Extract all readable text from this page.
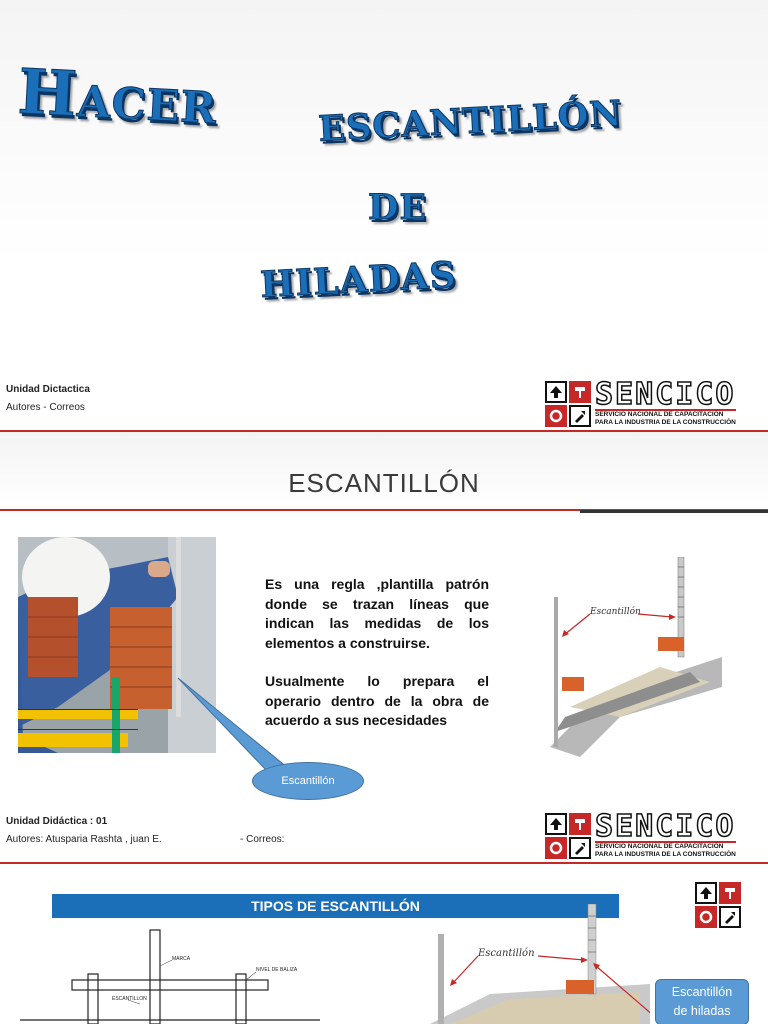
Hacer escantillón
de
hiladas
Unidad Dictactica
Autores - Correos	SENCICO
SERVICIO NACIONAL DE CAPACITACIÓN
PARA LA INDUSTRIA DE LA CONSTRUCCIÓN
ESCANTILLÓN
Escantillón
Es una regla ,plantilla patrón donde se trazan líneas que indican las medidas de los elementos a construirse.
Usualmente lo prepara el operario dentro de la obra de acuerdo a sus necesidades
Escantillón
Unidad Didáctica : 01
Autores: Atusparia Rashta , juan E.	- Correos:	SENCICO
SERVICIO NACIONAL DE CAPACITACIÓN
PARA LA INDUSTRIA DE LA CONSTRUCCIÓN
TIPOS DE ESCANTILLÓN
MARCA
NIVEL DE BALIZA
ESCANTILLON
Escantillón
Escantillón
de hiladas
